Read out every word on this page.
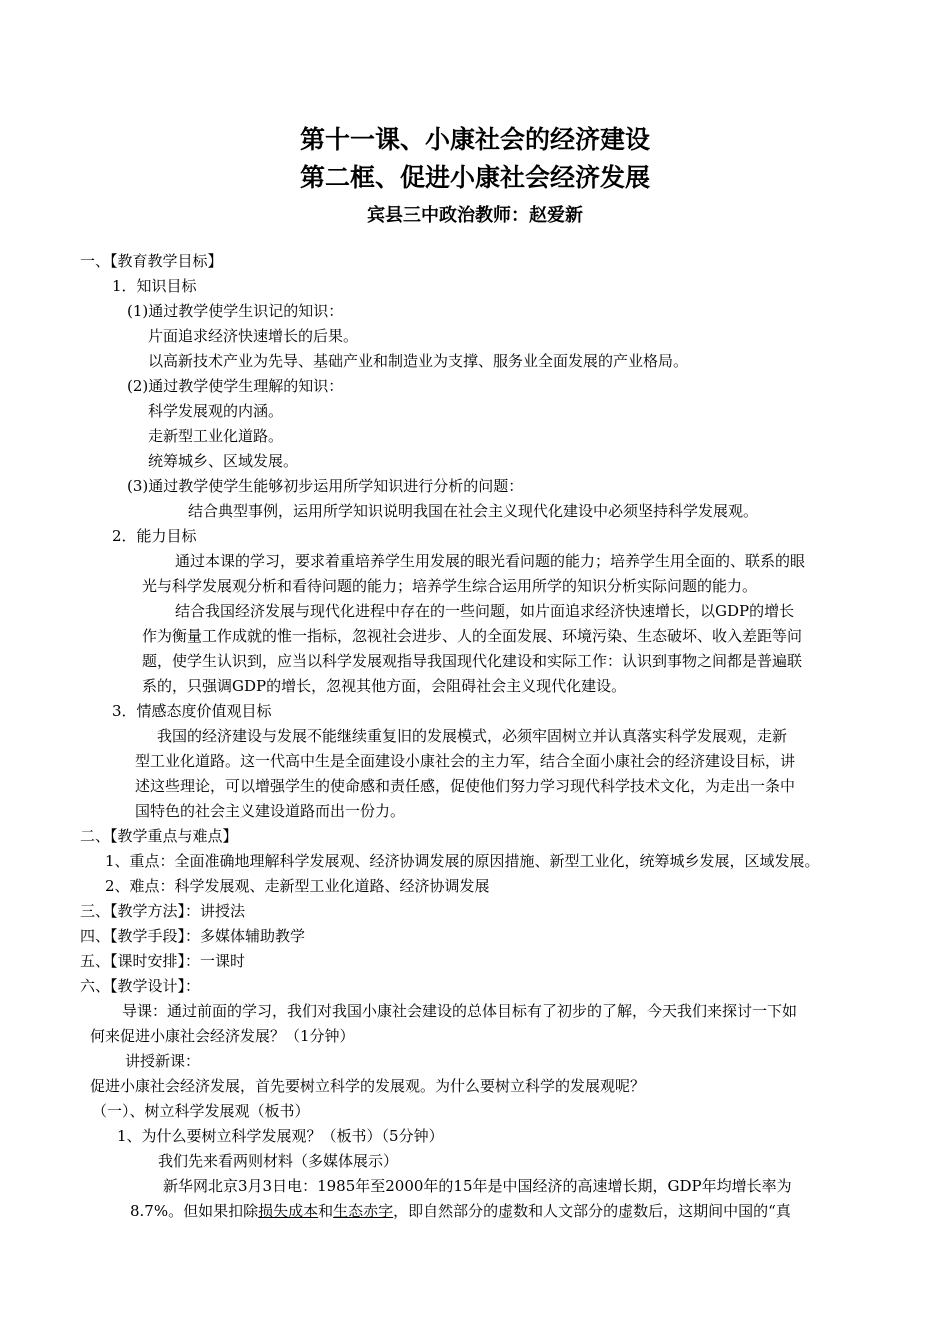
第十一课、小康社会的经济建设
第二框、促进小康社会经济发展
宾县三中政治教师：赵爱新
一、【教育教学目标】
1．知识目标
(1)通过教学使学生识记的知识：
片面追求经济快速增长的后果。
以高新技术产业为先导、基础产业和制造业为支撑、服务业全面发展的产业格局。
(2)通过教学使学生理解的知识：
科学发展观的内涵。
走新型工业化道路。
统筹城乡、区域发展。
(3)通过教学使学生能够初步运用所学知识进行分析的问题：
结合典型事例，运用所学知识说明我国在社会主义现代化建设中必须坚持科学发展观。
2．能力目标
通过本课的学习，要求着重培养学生用发展的眼光看问题的能力；培养学生用全面的、联系的眼
光与科学发展观分析和看待问题的能力；培养学生综合运用所学的知识分析实际问题的能力。
结合我国经济发展与现代化进程中存在的一些问题，如片面追求经济快速增长，以GDP的增长
作为衡量工作成就的惟一指标，忽视社会进步、人的全面发展、环境污染、生态破坏、收入差距等问
题，使学生认识到，应当以科学发展观指导我国现代化建设和实际工作：认识到事物之间都是普遍联
系的，只强调GDP的增长，忽视其他方面，会阻碍社会主义现代化建设。
3．情感态度价值观目标
我国的经济建设与发展不能继续重复旧的发展模式，必须牢固树立并认真落实科学发展观，走新
型工业化道路。这一代高中生是全面建设小康社会的主力军，结合全面小康社会的经济建设目标，讲
述这些理论，可以增强学生的使命感和责任感，促使他们努力学习现代科学技术文化，为走出一条中
国特色的社会主义建设道路而出一份力。
二、【教学重点与难点】
1、重点：全面准确地理解科学发展观、经济协调发展的原因措施、新型工业化，统筹城乡发展，区域发展。
2、难点：科学发展观、走新型工业化道路、经济协调发展
三、【教学方法】：讲授法
四、【教学手段】：多媒体辅助教学
五、【课时安排】：一课时
六、【教学设计】：
导课：通过前面的学习，我们对我国小康社会建设的总体目标有了初步的了解，今天我们来探讨一下如
何来促进小康社会经济发展？（1分钟）
讲授新课：
促进小康社会经济发展，首先要树立科学的发展观。为什么要树立科学的发展观呢？
（一）、树立科学发展观（板书）
1、为什么要树立科学发展观？（板书）（5分钟）
我们先来看两则材料（多媒体展示）
新华网北京3月3日电：1985年至2000年的15年是中国经济的高速增长期，GDP年均增长率为
8.7%。但如果扣除损失成本和生态赤字，即自然部分的虚数和人文部分的虚数后，这期间中国的“真
